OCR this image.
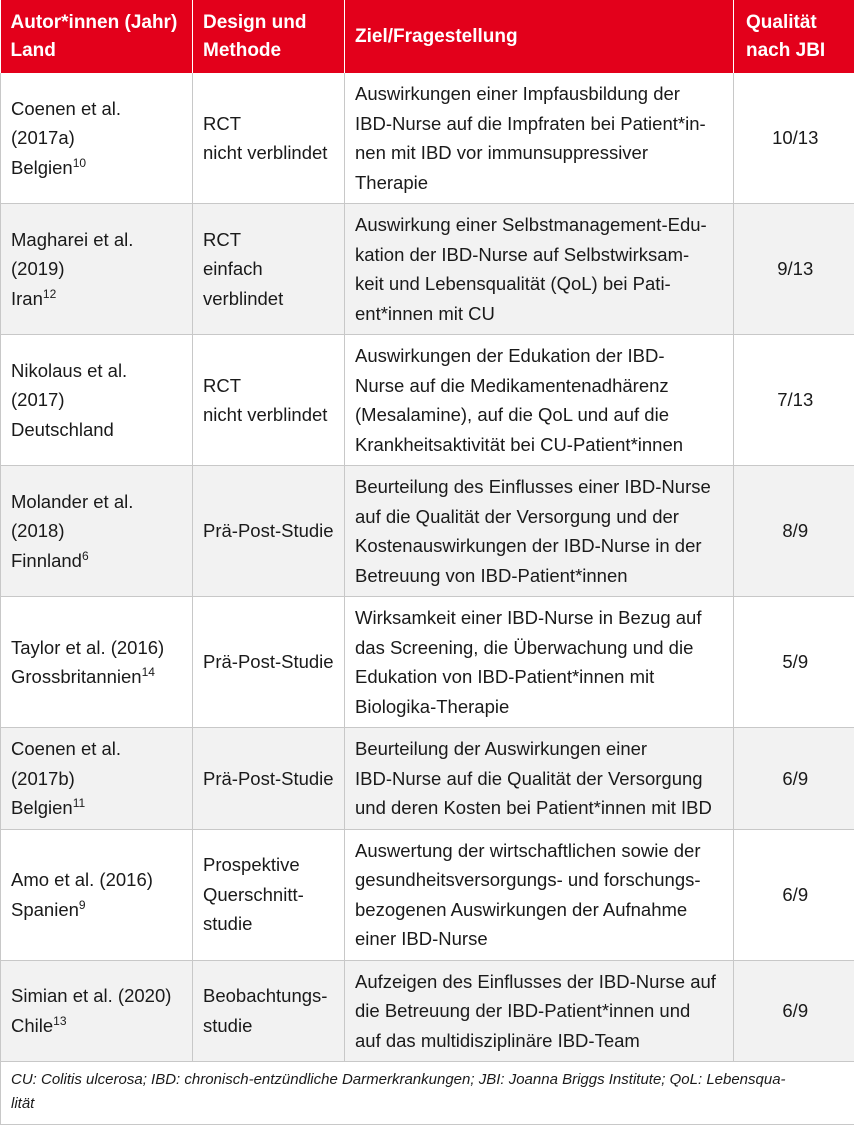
Autor*innen (Jahr)
Land	Design und
Methode	Ziel/Fragestellung	Qualität
nach JBI

Coenen et al.
(2017a)
Belgien$^{10}$	RCT
nicht verblindet	Auswirkungen einer Impfausbildung der
IBD-Nurse auf die Impfraten bei Patient*in-
nen mit IBD vor immunsuppressiver
Therapie	10/13

Magharei et al.
(2019)
Iran$^{12}$	RCT
einfach
verblindet	Auswirkung einer Selbstmanagement-Edu-
kation der IBD-Nurse auf Selbstwirksam-
keit und Lebensqualität (QoL) bei Pati-
ent*innen mit CU	9/13

Nikolaus et al.
(2017)
Deutschland	RCT
nicht verblindet	Auswirkungen der Edukation der IBD-
Nurse auf die Medikamentenadhärenz
(Mesalamine), auf die QoL und auf die
Krankheitsaktivität bei CU-Patient*innen	7/13

Molander et al.
(2018)
Finnland$^6$	Prä-Post-Studie	Beurteilung des Einflusses einer IBD-Nurse
auf die Qualität der Versorgung und der
Kostenauswirkungen der IBD-Nurse in der
Betreuung von IBD-Patient*innen	8/9

Taylor et al. (2016)
Grossbritannien$^{14}$	Prä-Post-Studie	Wirksamkeit einer IBD-Nurse in Bezug auf
das Screening, die Überwachung und die
Edukation von IBD-Patient*innen mit
Biologika-Therapie	5/9

Coenen et al.
(2017b)
Belgien$^{11}$	Prä-Post-Studie	Beurteilung der Auswirkungen einer
IBD-Nurse auf die Qualität der Versorgung
und deren Kosten bei Patient*innen mit IBD	6/9

Amo et al. (2016)
Spanien$^9$	Prospektive
Querschnitt-
studie	Auswertung der wirtschaftlichen sowie der
gesundheitsversorgungs- und forschungs-
bezogenen Auswirkungen der Aufnahme
einer IBD-Nurse	6/9

Simian et al. (2020)
Chile$^{13}$	Beobachtungs-
studie	Aufzeigen des Einflusses der IBD-Nurse auf
die Betreuung der IBD-Patient*innen und
auf das multidisziplinäre IBD-Team	6/9

CU: Colitis ulcerosa; IBD: chronisch-entzündliche Darmerkrankungen; JBI: Joanna Briggs Institute; QoL: Lebensqua-
lität			
